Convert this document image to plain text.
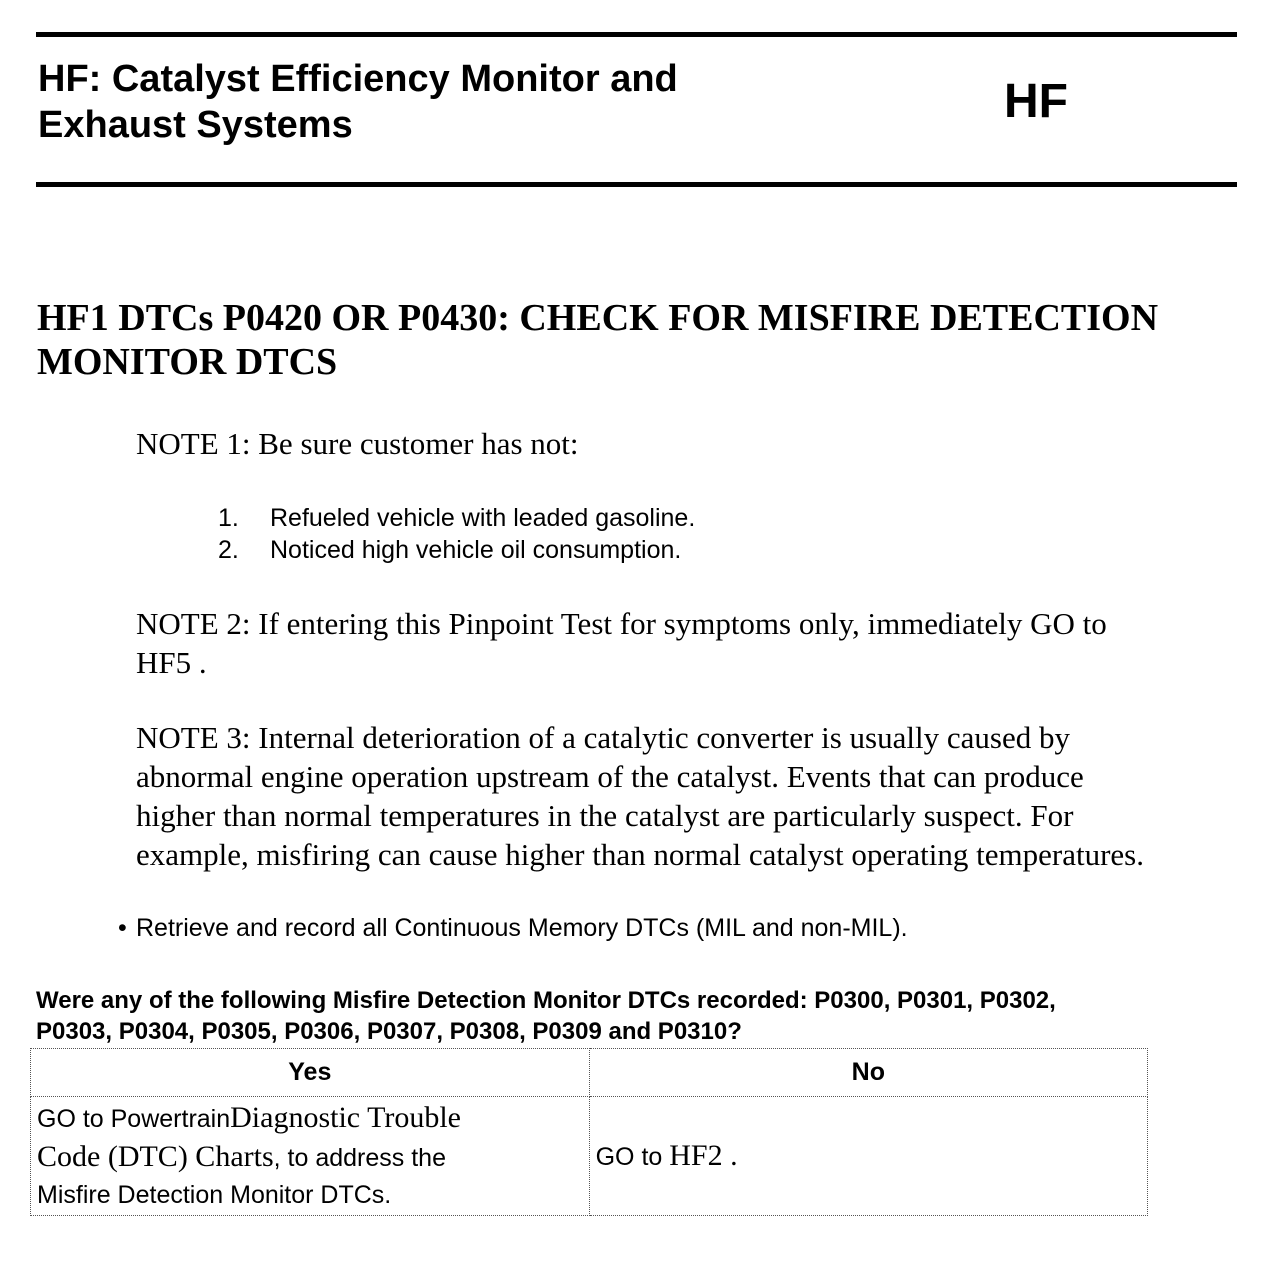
HF: Catalyst Efficiency Monitor and
Exhaust Systems	HF
HF1 DTCs P0420 OR P0430: CHECK FOR MISFIRE DETECTION
MONITOR DTCS

NOTE 1: Be sure customer has not:

1.	Refueled vehicle with leaded gasoline.
2.	Noticed high vehicle oil consumption.

NOTE 2: If entering this Pinpoint Test for symptoms only, immediately GO to
HF5 .

NOTE 3: Internal deterioration of a catalytic converter is usually caused by
abnormal engine operation upstream of the catalyst. Events that can produce
higher than normal temperatures in the catalyst are particularly suspect. For
example, misfiring can cause higher than normal catalyst operating temperatures.

• Retrieve and record all Continuous Memory DTCs (MIL and non-MIL).

Were any of the following Misfire Detection Monitor DTCs recorded: P0300, P0301, P0302,
P0303, P0304, P0305, P0306, P0307, P0308, P0309 and P0310?

Yes	No
GO to PowertrainDiagnostic Trouble
Code (DTC) Charts, to address the
Misfire Detection Monitor DTCs.	GO to HF2 .
